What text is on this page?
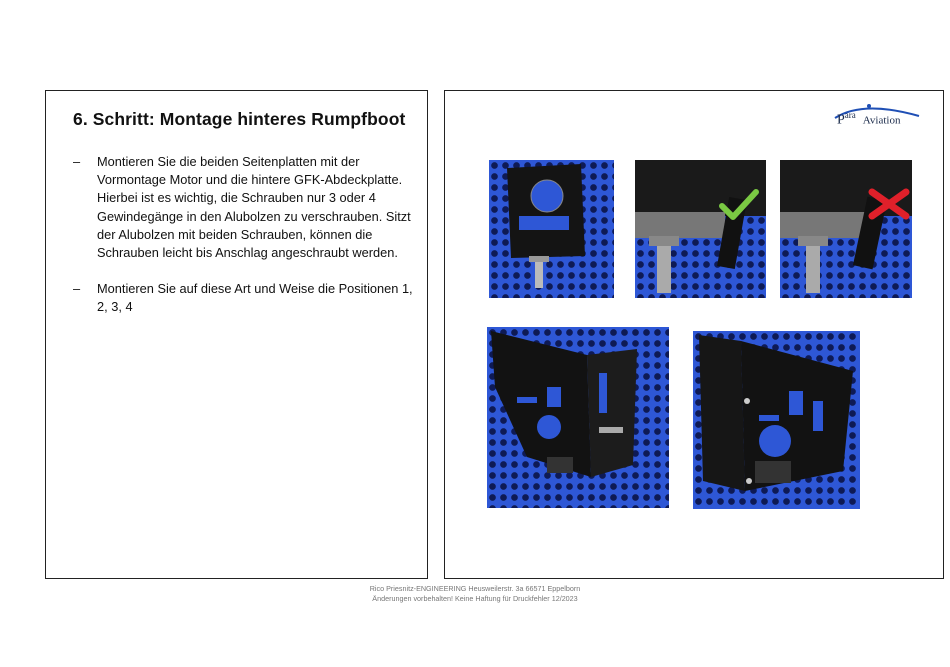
6. Schritt: Montage hinteres Rumpfboot
– Montieren Sie die beiden Seitenplatten mit der Vormontage Motor und die hintere GFK-Abdeckplatte. Hierbei ist es wichtig, die Schrauben nur 3 oder 4 Gewindegänge in den Alubolzen zu verschrauben. Sitzt der Alubolzen mit beiden Schrauben, können die Schrauben leicht bis Anschlag angeschraubt werden.
– Montieren Sie auf diese Art und Weise die Positionen 1, 2, 3, 4
$P^{ara}$ Aviation
Rico Priesnitz-ENGINEERING Heusweilerstr. 3a 66571 Eppelborn
Änderungen vorbehalten! Keine Haftung für Druckfehler 12/2023
